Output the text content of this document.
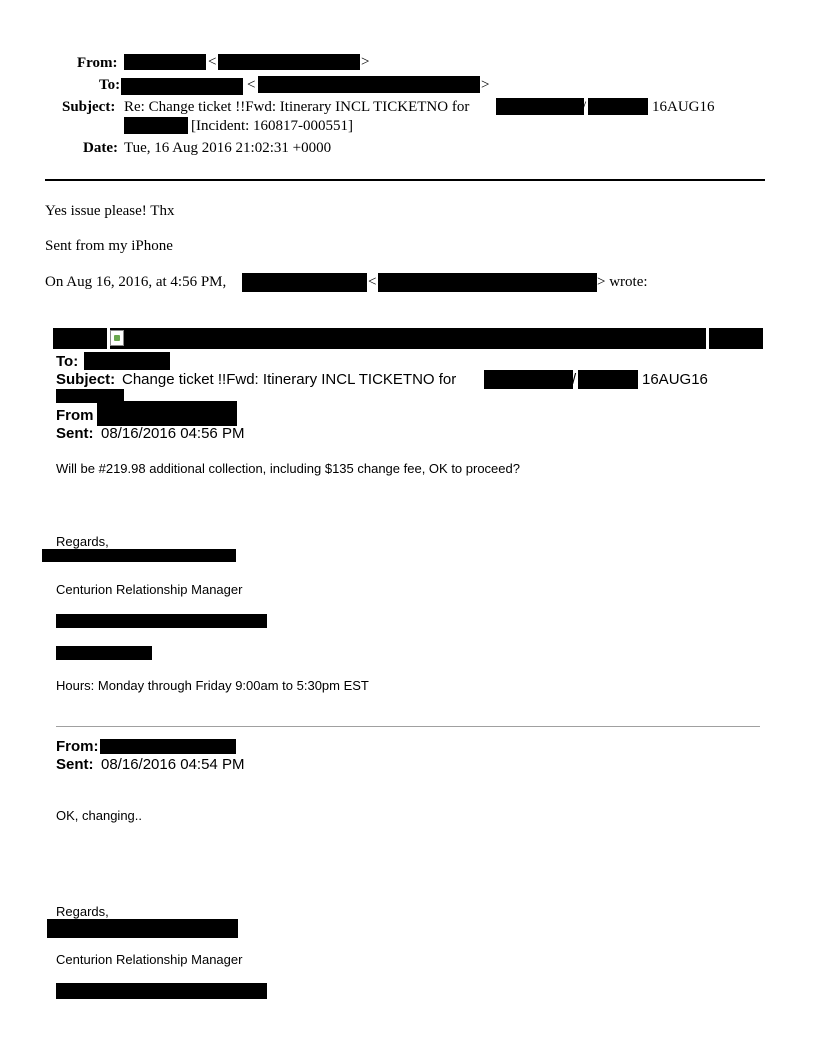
From:	<	>
To:	<	>
Subject: Re: Change ticket !!Fwd: Itinerary INCL TICKETNO for	/	16AUG16
[Incident: 160817-000551]
Date: Tue, 16 Aug 2016 21:02:31 +0000
Yes issue please! Thx
Sent from my iPhone
On Aug 16, 2016, at 4:56 PM,	<	> wrote:
To:
Subject: Change ticket !!Fwd: Itinerary INCL TICKETNO for	/	16AUG16
From
Sent: 08/16/2016 04:56 PM
Will be #219.98 additional collection, including $135 change fee, OK to proceed?
Regards,
Centurion Relationship Manager
Hours: Monday through Friday 9:00am to 5:30pm EST
From:
Sent: 08/16/2016 04:54 PM
OK, changing..
Regards,
Centurion Relationship Manager
